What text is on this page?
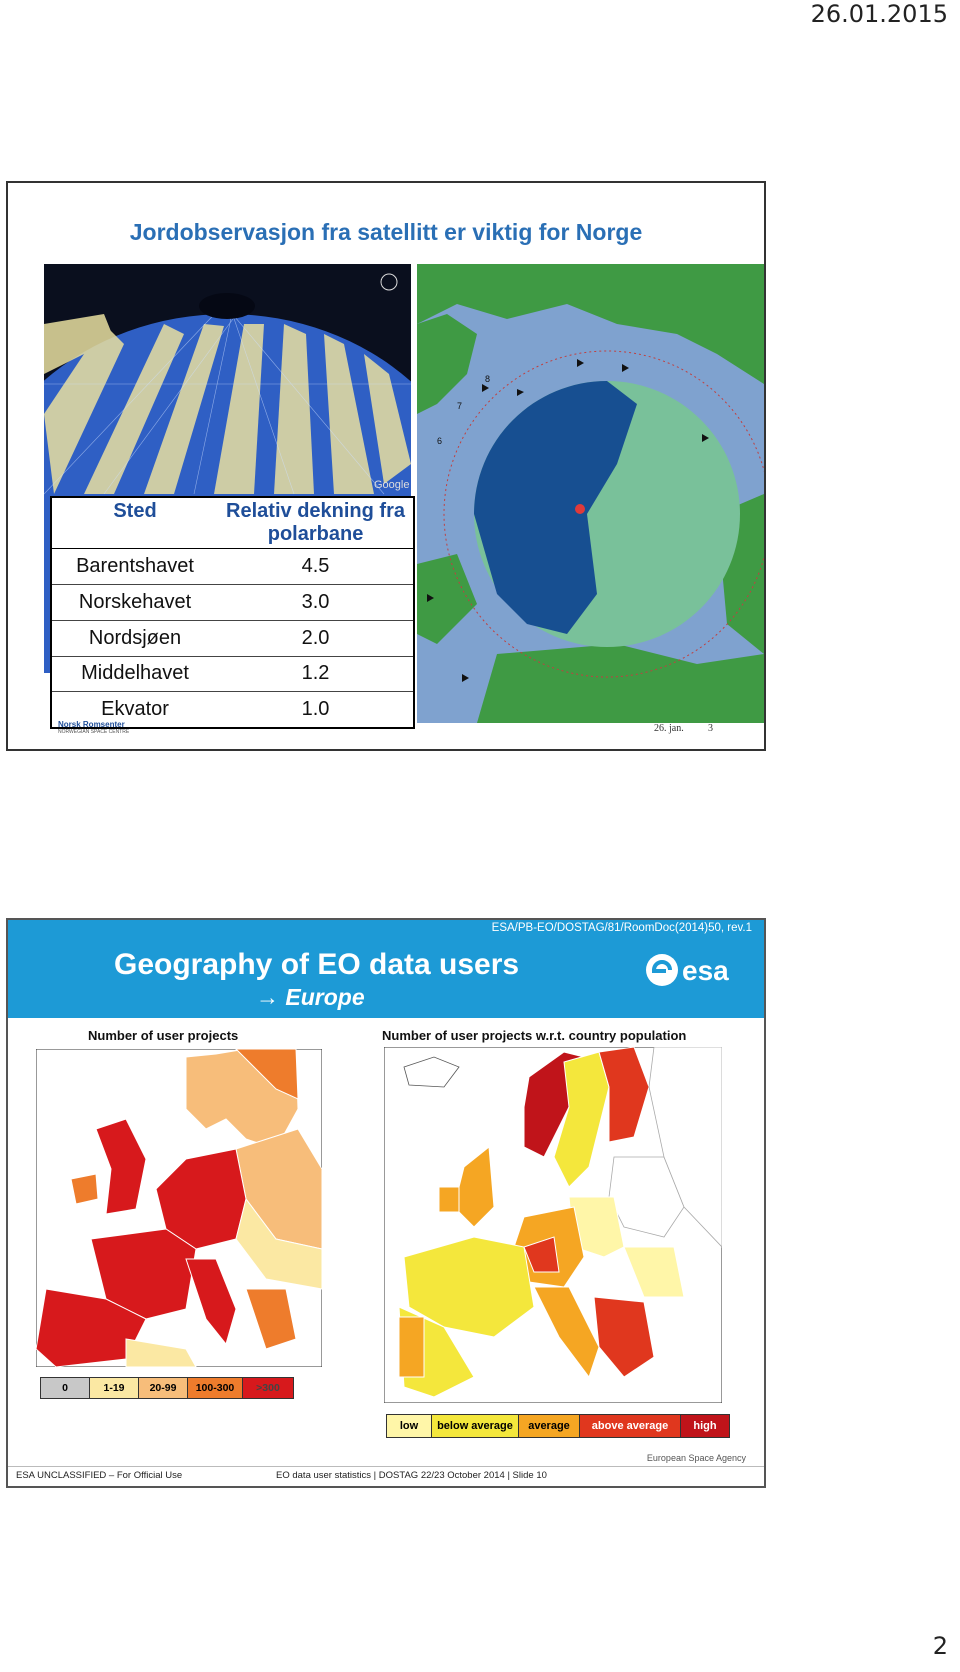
26.01.2015
Jordobservasjon fra satellitt er viktig for Norge
Google
8
7
6
Sted	Relativ dekning fra polarbane
Barentshavet	4.5
Norskehavet	3.0
Nordsjøen	2.0
Middelhavet	1.2
Ekvator	1.0
Norsk Romsenter
NORWEGIAN SPACE CENTRE	26. jan. 3
ESA/PB-EO/DOSTAG/81/RoomDoc(2014)50, rev.1
Geography of EO data users
→ Europe
esa
Number of user projects	Number of user projects w.r.t. country population
0	1-19	20-99	100-300	>300
low	below average	average	above average	high
European Space Agency
ESA UNCLASSIFIED – For Official Use	EO data user statistics | DOSTAG 22/23 October 2014 | Slide 10
2
